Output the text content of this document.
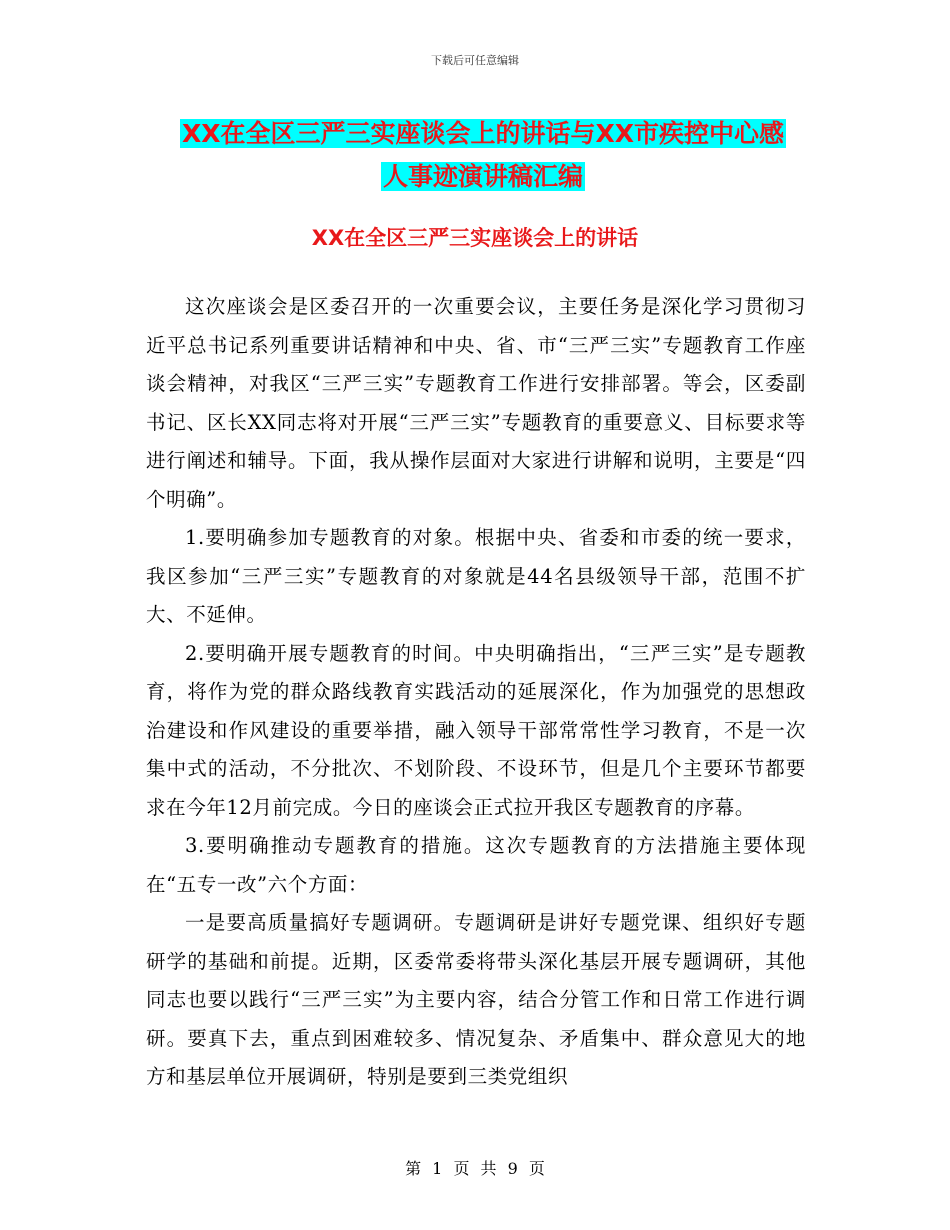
下载后可任意编辑
XX在全区三严三实座谈会上的讲话与XX市疾控中心感
人事迹演讲稿汇编
XX在全区三严三实座谈会上的讲话

这次座谈会是区委召开的一次重要会议，主要任务是深化学习贯彻习近平总书记系列重要讲话精神和中央、省、市“三严三实”专题教育工作座谈会精神，对我区“三严三实”专题教育工作进行安排部署。等会，区委副书记、区长XX同志将对开展“三严三实”专题教育的重要意义、目标要求等进行阐述和辅导。下面，我从操作层面对大家进行讲解和说明，主要是“四个明确”。

1.要明确参加专题教育的对象。根据中央、省委和市委的统一要求，我区参加“三严三实”专题教育的对象就是44名县级领导干部，范围不扩大、不延伸。

2.要明确开展专题教育的时间。中央明确指出，“三严三实”是专题教育，将作为党的群众路线教育实践活动的延展深化，作为加强党的思想政治建设和作风建设的重要举措，融入领导干部常常性学习教育，不是一次集中式的活动，不分批次、不划阶段、不设环节，但是几个主要环节都要求在今年12月前完成。今日的座谈会正式拉开我区专题教育的序幕。

3.要明确推动专题教育的措施。这次专题教育的方法措施主要体现在“五专一改”六个方面：

一是要高质量搞好专题调研。专题调研是讲好专题党课、组织好专题研学的基础和前提。近期，区委常委将带头深化基层开展专题调研，其他同志也要以践行“三严三实”为主要内容，结合分管工作和日常工作进行调研。要真下去，重点到困难较多、情况复杂、矛盾集中、群众意见大的地方和基层单位开展调研，特别是要到三类党组织

第 1 页 共 9 页
